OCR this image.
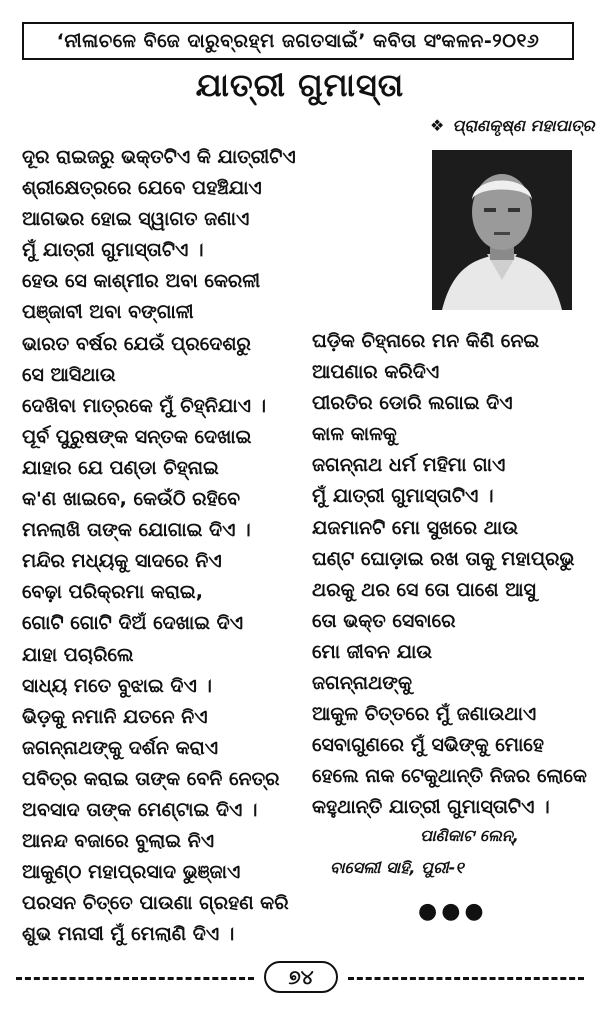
‘ନୀଳାଚଳେ ବିଜେ ଦାରୁବ୍ରହ୍ମ ଜଗତସାଇଁ’ କବିତା ସଂକଳନ-୨୦୧୬
ଯାତ୍ରୀ ଗୁମାସ୍ତା
❖ ପ୍ରାଣକୃଷ୍ଣ ମହାପାତ୍ର
ଦୂର ରାଇଜରୁ ଭକ୍ତଟିଏ କି ଯାତ୍ରୀଟିଏ
ଶ୍ରୀକ୍ଷେତ୍ରରେ ଯେବେ ପହଞ୍ଚିଯାଏ
ଆଗଭର ହୋଇ ସ୍ୱାଗତ ଜଣାଏ
ମୁଁ ଯାତ୍ରୀ ଗୁମାସ୍ତାଟିଏ ।
ହେଉ ସେ କାଶ୍ମୀର ଅବା କେରଳୀ
ପଞ୍ଜାବୀ ଅବା ବଙ୍ଗାଳୀ
ଭାରତ ବର୍ଷର ଯେଉଁ ପ୍ରଦେଶରୁ
ସେ ଆସିଥାଉ
ଦେଖିବା ମାତ୍ରକେ ମୁଁ ଚିହ୍ନିଯାଏ ।
ପୂର୍ବ ପୁରୁଷଙ୍କ ସନ୍ତକ ଦେଖାଇ
ଯାହାର ଯେ ପଣ୍ଡା ଚିହ୍ନାଇ
କ'ଣ ଖାଇବେ, କେଉଁଠି ରହିବେ
ମନଲାଖି ତାଙ୍କ ଯୋଗାଇ ଦିଏ ।
ମନ୍ଦିର ମଧ୍ୟକୁ ସାଦରେ ନିଏ
ବେଢ଼ା ପରିକ୍ରମା କରାଇ,
ଗୋଟି ଗୋଟି ଦିଅଁ ଦେଖାଇ ଦିଏ
ଯାହା ପଚାରିଲେ
ସାଧ୍ୟ ମତେ ବୁଝାଇ ଦିଏ ।
ଭିଡ଼କୁ ନମାନି ଯତନେ ନିଏ
ଜଗନ୍ନାଥଙ୍କୁ ଦର୍ଶନ କରାଏ
ପବିତ୍ର କରାଇ ତାଙ୍କ ବେନି ନେତ୍ର
ଅବସାଦ ତାଙ୍କ ମେଣ୍ଟାଇ ଦିଏ ।
ଆନନ୍ଦ ବଜାରେ ବୁଲାଇ ନିଏ
ଆକୁଣ୍ଠ ମହାପ୍ରସାଦ ଭୁଞ୍ଜାଏ
ପରସନ ଚିତ୍ତେ ପାଉଣା ଗ୍ରହଣ କରି
ଶୁଭ ମନାସୀ ମୁଁ ମେଲାଣି ଦିଏ ।
ଘଡ଼ିକ ଚିହ୍ନାରେ ମନ କିଣି ନେଇ
ଆପଣାର କରିଦିଏ
ପୀରତିର ଡୋରି ଲଗାଇ ଦିଏ
କାଳ କାଳକୁ
ଜଗନ୍ନାଥ ଧର୍ମ ମହିମା ଗାଏ
ମୁଁ ଯାତ୍ରୀ ଗୁମାସ୍ତାଟିଏ ।
ଯଜମାନଟି ମୋ ସୁଖରେ ଥାଉ
ଘଣ୍ଟ ଘୋଡ଼ାଇ ରଖ ତାକୁ ମହାପ୍ରଭୁ
ଥରକୁ ଥର ସେ ତୋ ପାଶେ ଆସୁ
ତୋ ଭକ୍ତ ସେବାରେ
ମୋ ଜୀବନ ଯାଉ
ଜଗନ୍ନାଥଙ୍କୁ
ଆକୁଳ ଚିତ୍ତରେ ମୁଁ ଜଣାଉଥାଏ
ସେବାଗୁଣରେ ମୁଁ ସଭିଙ୍କୁ ମୋହେ
ହେଲେ ନାକ ଟେକୁଥାନ୍ତି ନିଜର ଲୋକେ
କହୁଥାନ୍ତି ଯାତ୍ରୀ ଗୁମାସ୍ତାଟିଏ ।
ପାଣିକାଟ ଲେନ୍,
ବାସେଲୀ ସାହି, ପୁରୀ-୧
●●●
୭୪
